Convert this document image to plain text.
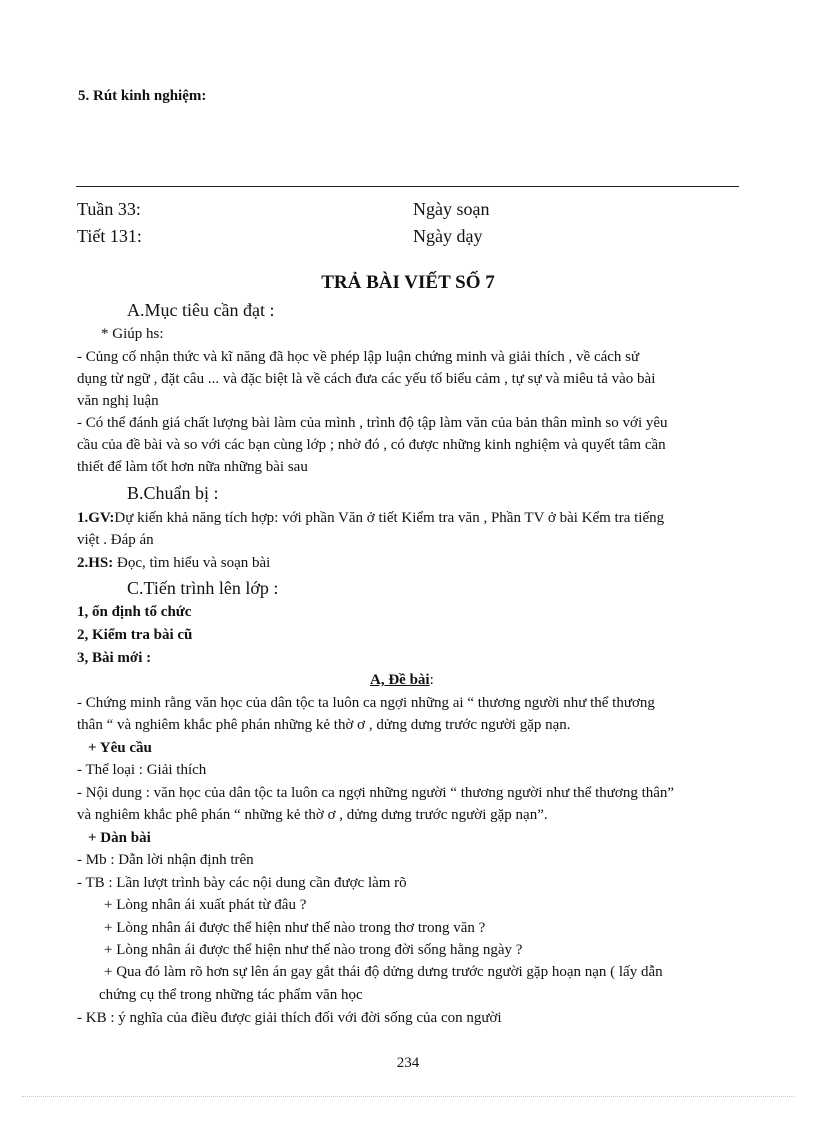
5. Rút kinh nghiệm:
Tuần 33:
Tiết 131:
Ngày soạn
Ngày dạy
TRẢ BÀI VIẾT SỐ 7
A.Mục tiêu cần đạt :
* Giúp hs:
- Củng cố nhận thức và kĩ năng đã học về phép lập luận chứng minh và giải thích , về cách sử
dụng từ ngữ , đặt câu ... và đặc biệt là về cách đưa các yếu tố biểu cảm , tự sự và miêu tả vào bài
văn nghị luận
- Có thể đánh giá chất lượng bài làm của mình , trình độ tập làm văn của bản thân mình so với yêu
cầu của đề bài và so với các bạn cùng lớp ; nhờ đó , có được những kinh nghiệm và quyết tâm cần
thiết để làm tốt hơn nữa những bài sau
B.Chuẩn bị :
1.GV:Dự kiến khả năng tích hợp: với phần Văn ở tiết Kiểm tra văn , Phần TV ở bài Kểm tra tiếng
việt . Đáp án
2.HS: Đọc, tìm hiểu và soạn bài
C.Tiến trình lên lớp :
1, ổn định tổ chức
2, Kiểm tra bài cũ
3, Bài mới :
A, Đề bài:
- Chứng minh rằng văn học của dân tộc ta luôn ca ngợi những ai “ thương người như thể thương
thân “ và nghiêm khắc phê phán những kẻ thờ ơ , dửng dưng trước người gặp nạn.
+ Yêu cầu
- Thể loại : Giải thích
- Nội dung : văn học của dân tộc ta luôn ca ngợi những người “ thương người như thể thương thân”
và nghiêm khắc phê phán “ những kẻ thờ ơ , dửng dưng trước người gặp nạn”.
+ Dàn bài
- Mb : Dẫn lời nhận định trên
- TB : Lần lượt trình bày các nội dung cần được làm rõ
+ Lòng nhân ái xuất phát từ đâu ?
+ Lòng nhân ái được thể hiện như thế nào trong thơ trong văn ?
+ Lòng nhân ái được thể hiện như thế nào trong đời sống hằng ngày ?
+ Qua đó làm rõ hơn sự lên án gay gắt thái độ dửng dưng trước người gặp hoạn nạn ( lấy dẫn
chứng cụ thể trong những tác phẩm văn học
- KB : ý nghĩa của điều được giải thích đối với đời sống của con người
234
